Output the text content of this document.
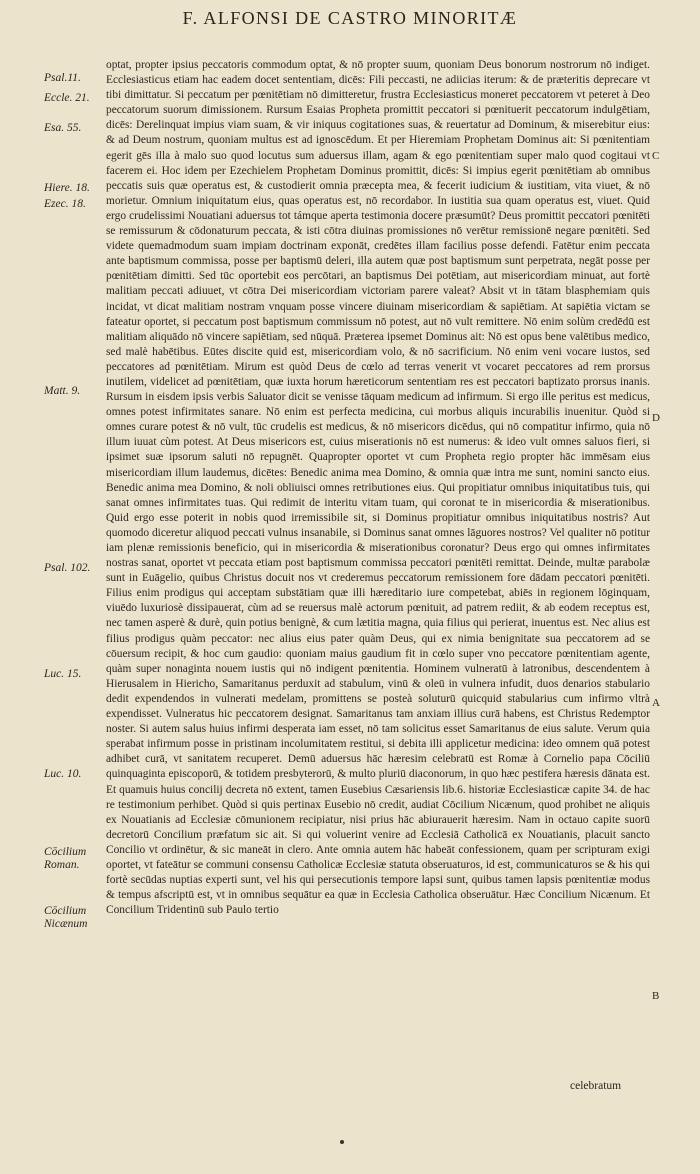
F. ALFONSI DE CASTRO MINORITÆ

optat, propter ipsius peccatoris commodum optat, & nō propter suum, quoniam Deus bonorum nostrorum nō indiget. Ecclesiasticus etiam hac eadem docet sententiam, dicēs: Fili peccasti, ne adiicias iterum: & de præteritis deprecare vt tibi dimittatur. Si peccatum per pœnitētiam nō dimitteretur, frustra Ecclesiasticus moneret peccatorem vt peteret à Deo peccatorum suorum dimissionem. Rursum Esaias Propheta promittit peccatori si pœnituerit peccatorum indulgētiam, dicēs: Derelinquat impius viam suam, & vir iniquus cogitationes suas, & reuertatur ad Dominum, & miserebitur eius: & ad Deum nostrum, quoniam multus est ad ignoscēdum. Et per Hieremiam Prophetam Dominus ait: Si pœnitentiam egerit gēs illa à malo suo quod locutus sum aduersus illam, agam & ego pœnitentiam super malo quod cogitaui vt facerem ei. Hoc idem per Ezechielem Prophetam Dominus promittit, dicēs: Si impius egerit pœnitētiam ab omnibus peccatis suis quæ operatus est, & custodierit omnia præcepta mea, & fecerit iudicium & iustitiam, vita viuet, & nō morietur. Omnium iniquitatum eius, quas operatus est, nō recordabor. In iustitia sua quam operatus est, viuet. Quid ergo crudelissimi Nouatiani aduersus tot támque aperta testimonia docere præsumūt? Deus promittit peccatori pœnitēti se remissurum & cōdonaturum peccata, & isti cōtra diuinas promissiones nō verētur remissionē negare pœnitēti. Sed videte quemadmodum suam impiam doctrinam exponāt, credētes illam facilius posse defendi. Fatētur enim peccata ante baptismum commissa, posse per baptismū deleri, illa autem quæ post baptismum sunt perpetrata, negāt posse per pœnitētiam dimitti. Sed tūc oportebit eos percōtari, an baptismus Dei potētiam, aut misericordiam minuat, aut fortè malitiam peccati adiuuet, vt cōtra Dei misericordiam victoriam parere valeat? Absit vt in tātam blasphemiam quis incidat, vt dicat malitiam nostram vnquam posse vincere diuinam misericordiam & sapiētiam. At sapiētia victam se fateatur oportet, si peccatum post baptismum commissum nō potest, aut nō vult remittere. Nō enim solùm credēdū est malitiam aliquādo nō vincere sapiētiam, sed nūquā. Præterea ipsemet Dominus ait: Nō est opus bene valētibus medico, sed malè habētibus. Eūtes discite quid est, misericordiam volo, & nō sacrificium. Nō enim veni vocare iustos, sed peccatores ad pœnitētiam. Mirum est quòd Deus de cœlo ad terras venerit vt vocaret peccatores ad rem prorsus inutilem, videlicet ad pœnitētiam, quæ iuxta horum hæreticorum sententiam res est peccatori baptizato prorsus inanis. Rursum in eisdem ipsis verbis Saluator dicit se venisse tāquam medicum ad infirmum. Si ergo ille peritus est medicus, omnes potest infirmitates sanare. Nō enim est perfecta medicina, cui morbus aliquis incurabilis inuenitur. Quòd si omnes curare potest & nō vult, tūc crudelis est medicus, & nō misericors dicēdus, qui nō compatitur infirmo, quia nō illum iuuat cùm potest. At Deus misericors est, cuius miserationis nō est numerus: & ideo vult omnes saluos fieri, si ipsimet suæ ipsorum saluti nō repugnēt. Quapropter oportet vt cum Propheta regio propter hāc immēsam eius misericordiam illum laudemus, dicētes: Benedic anima mea Domino, & omnia quæ intra me sunt, nomini sancto eius. Benedic anima mea Domino, & noli obliuisci omnes retributiones eius. Qui propitiatur omnibus iniquitatibus tuis, qui sanat omnes infirmitates tuas. Qui redimit de interitu vitam tuam, qui coronat te in misericordia & miserationibus. Quid ergo esse poterit in nobis quod irremissibile sit, si Dominus propitiatur omnibus iniquitatibus nostris? Aut quomodo diceretur aliquod peccati vulnus insanabile, si Dominus sanat omnes lāguores nostros? Vel qualiter nō potitur iam plenæ remissionis beneficio, qui in misericordia & miserationibus coronatur? Deus ergo qui omnes infirmitates nostras sanat, oportet vt peccata etiam post baptismum commissa peccatori pœnitēti remittat. Deinde, multæ parabolæ sunt in Euāgelio, quibus Christus docuit nos vt crederemus peccatorum remissionem fore dādam peccatori pœnitēti. Filius enim prodigus qui acceptam substātiam quæ illi hæreditario iure competebat, abiēs in regionem lōginquam, viuēdo luxuriosè dissipauerat, cùm ad se reuersus malè actorum pœnituit, ad patrem rediit, & ab eodem receptus est, nec tamen asperè & durè, quin potius benignè, & cum lætitia magna, quia filius qui perierat, inuentus est. Nec alius est filius prodigus quàm peccator: nec alius eius pater quàm Deus, qui ex nimia benignitate sua peccatorem ad se cōuersum recipit, & hoc cum gaudio: quoniam maius gaudium fit in cœlo super vno peccatore pœnitentiam agente, quàm super nonaginta nouem iustis qui nō indigent pœnitentia. Hominem vulneratū à latronibus, descendentem à Hierusalem in Hiericho, Samaritanus perduxit ad stabulum, vinū & oleū in vulnera infudit, duos denarios stabulario dedit expendendos in vulnerati medelam, promittens se posteà soluturū quicquid stabularius cum infirmo vltrà expendisset. Vulneratus hic peccatorem designat. Samaritanus tam anxiam illius curā habens, est Christus Redemptor noster. Si autem salus huius infirmi desperata iam esset, nō tam solicitus esset Samaritanus de eius salute. Verum quia sperabat infirmum posse in pristinam incolumitatem restitui, si debita illi applicetur medicina: ideo omnem quā potest adhibet curā, vt sanitatem recuperet. Demū aduersus hāc hæresim celebratū est Romæ à Cornelio papa Cōciliū quinquaginta episcoporū, & totidem presbyterorū, & multo pluriū diaconorum, in quo hæc pestifera hæresis dānata est. Et quamuis huius concilij decreta nō extent, tamen Eusebius Cæsariensis lib.6. historiæ Ecclesiasticæ capite 34. de hac re testimonium perhibet. Quòd si quis pertinax Eusebio nō credit, audiat Cōcilium Nicænum, quod prohibet ne aliquis ex Nouatianis ad Ecclesiæ cōmunionem recipiatur, nisi prius hāc abiurauerit hæresim. Nam in octauo capite suorū decretorū Concilium præfatum sic ait. Si qui voluerint venire ad Ecclesiā Catholicā ex Nouatianis, placuit sancto Concilio vt ordinētur, & sic maneāt in clero. Ante omnia autem hāc habeāt confessionem, quam per scripturam exigi oportet, vt fateātur se communi consensu Catholicæ Ecclesiæ statuta obseruaturos, id est, communicaturos se & his qui fortè secūdas nuptias experti sunt, vel his qui persecutionis tempore lapsi sunt, quibus tamen lapsis pœnitentiæ modus & tempus afscriptū est, vt in omnibus sequātur ea quæ in Ecclesia Catholica obseruātur. Hæc Concilium Nicænum. Et Concilium Tridentinū sub Paulo tertio

Psal.11.
Eccle. 21.
Esa. 55.
Hiere. 18.
Ezec. 18.
Matt. 9.
Psal. 102.
Luc. 15.
Luc. 10.
Cōcilium Roman.
Cōcilium Nicænum
C
D
A
B
celebratum
